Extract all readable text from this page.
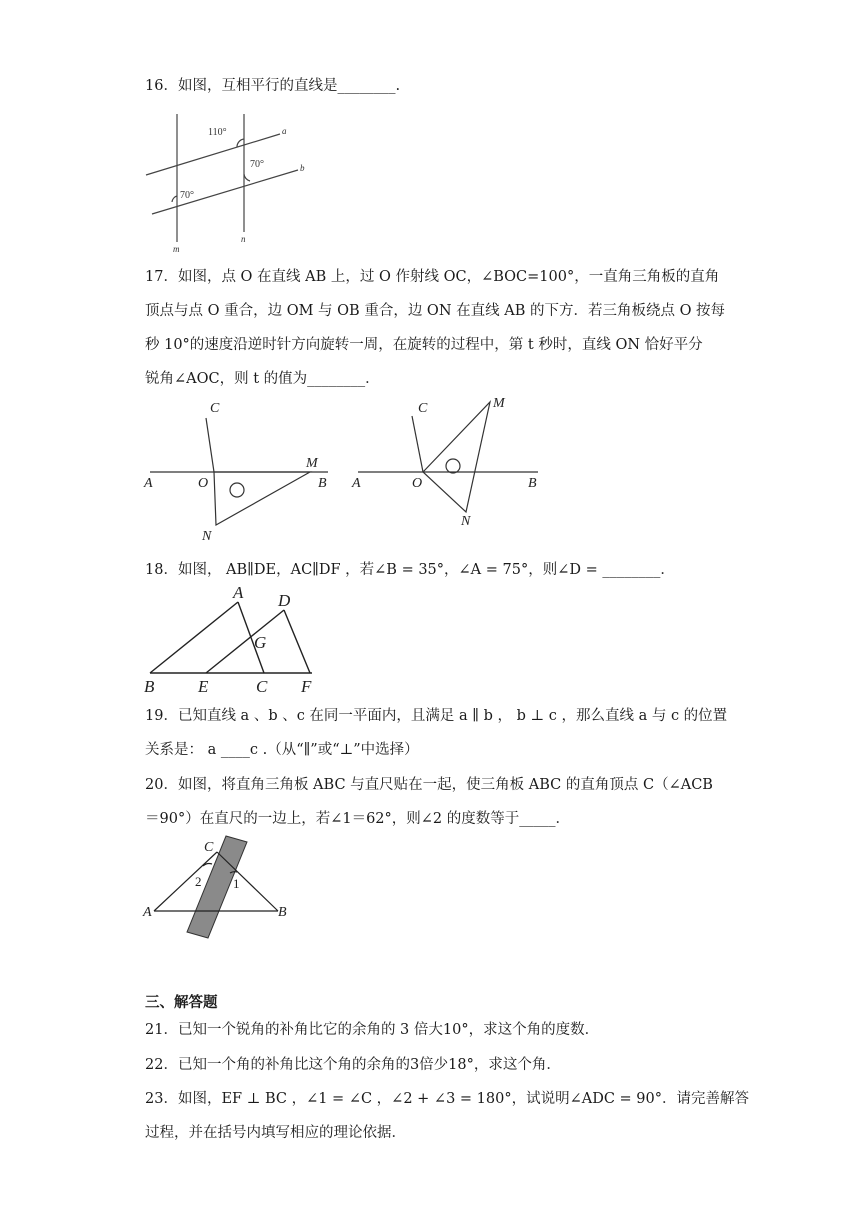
16．如图，互相平行的直线是________.
110°
70°
70°
a
b
m
n
17．如图，点 O 在直线 AB 上，过 O 作射线 OC，∠BOC=100°，一直角三角板的直角
顶点与点 O 重合，边 OM 与 OB 重合，边 ON 在直线 AB 的下方．若三角板绕点 O 按每
秒 10°的速度沿逆时针方向旋转一周，在旋转的过程中，第 t 秒时，直线 ON 恰好平分
锐角∠AOC，则 t 的值为________．
A	O
C
M
B
N
A	O
C	M
B
N
18．如图， AB∥DE，AC∥DF ，若∠B = 35°，∠A = 75°，则∠D = ________．
A D
G
B	E	C F
19．已知直线 a 、b 、c 在同一平面内，且满足 a ∥ b ， b ⊥ c ，那么直线 a 与 c 的位置
关系是： a ____c .（从“∥”或“⊥”中选择）
20．如图，将直角三角板 ABC 与直尺贴在一起，使三角板 ABC 的直角顶点 C（∠ACB
＝90°）在直尺的一边上，若∠1＝62°，则∠2 的度数等于_____．
C
A	B
2 1
三、解答题
21．已知一个锐角的补角比它的余角的 3 倍大10°，求这个角的度数．
22．已知一个角的补角比这个角的余角的3倍少18°，求这个角．
23．如图，EF ⊥ BC ，∠1 = ∠C ，∠2 + ∠3 = 180°，试说明∠ADC = 90°．请完善解答
过程，并在括号内填写相应的理论依据．
